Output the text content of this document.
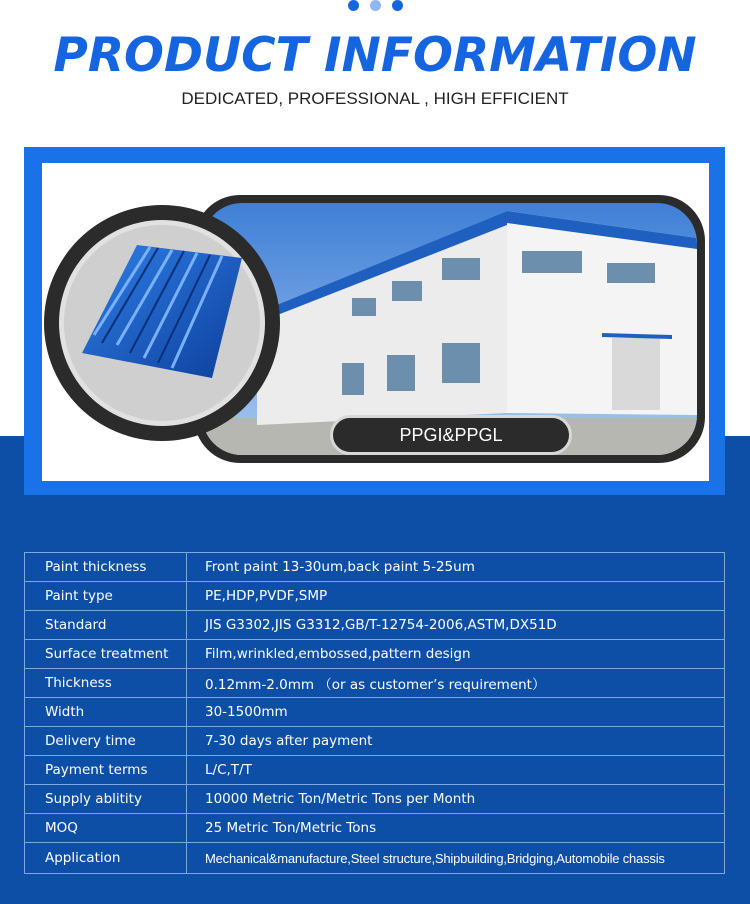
PRODUCT INFORMATION
DEDICATED, PROFESSIONAL , HIGH EFFICIENT
PPGI&PPGL
Paint thickness	Front paint 13-30um,back paint 5-25um
Paint type	PE,HDP,PVDF,SMP
Standard	JIS G3302,JIS G3312,GB/T-12754-2006,ASTM,DX51D
Surface treatment	Film,wrinkled,embossed,pattern design
Thickness	0.12mm-2.0mm （or as customer’s requirement）
Width	30-1500mm
Delivery time	7-30 days after payment
Payment terms	L/C,T/T
Supply ablitity	10000 Metric Ton/Metric Tons per Month
MOQ	25 Metric Ton/Metric Tons
Application	Mechanical&manufacture,Steel structure,Shipbuilding,Bridging,Automobile chassis
